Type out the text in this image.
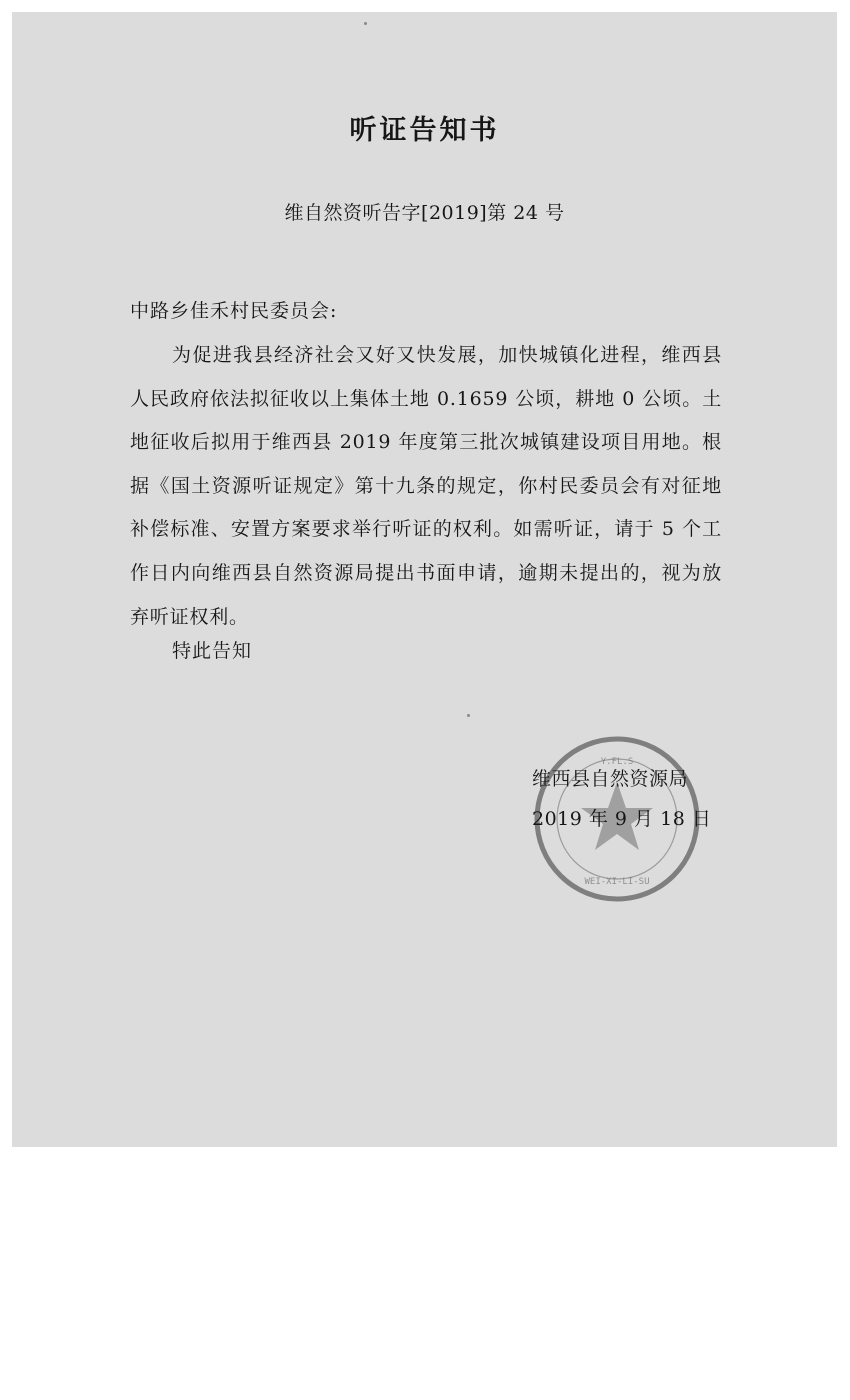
听证告知书
维自然资听告字[2019]第 24 号
中路乡佳禾村民委员会:
为促进我县经济社会又好又快发展，加快城镇化进程，维西县人民政府依法拟征收以上集体土地 0.1659 公顷，耕地 0 公顷。土地征收后拟用于维西县 2019 年度第三批次城镇建设项目用地。根据《国土资源听证规定》第十九条的规定，你村民委员会有对征地补偿标准、安置方案要求举行听证的权利。如需听证，请于 5 个工作日内向维西县自然资源局提出书面申请，逾期未提出的，视为放弃听证权利。
特此告知
WEI-XI-LI-SU
Y.FL.S
维西县自然资源局
2019 年 9 月 18 日
